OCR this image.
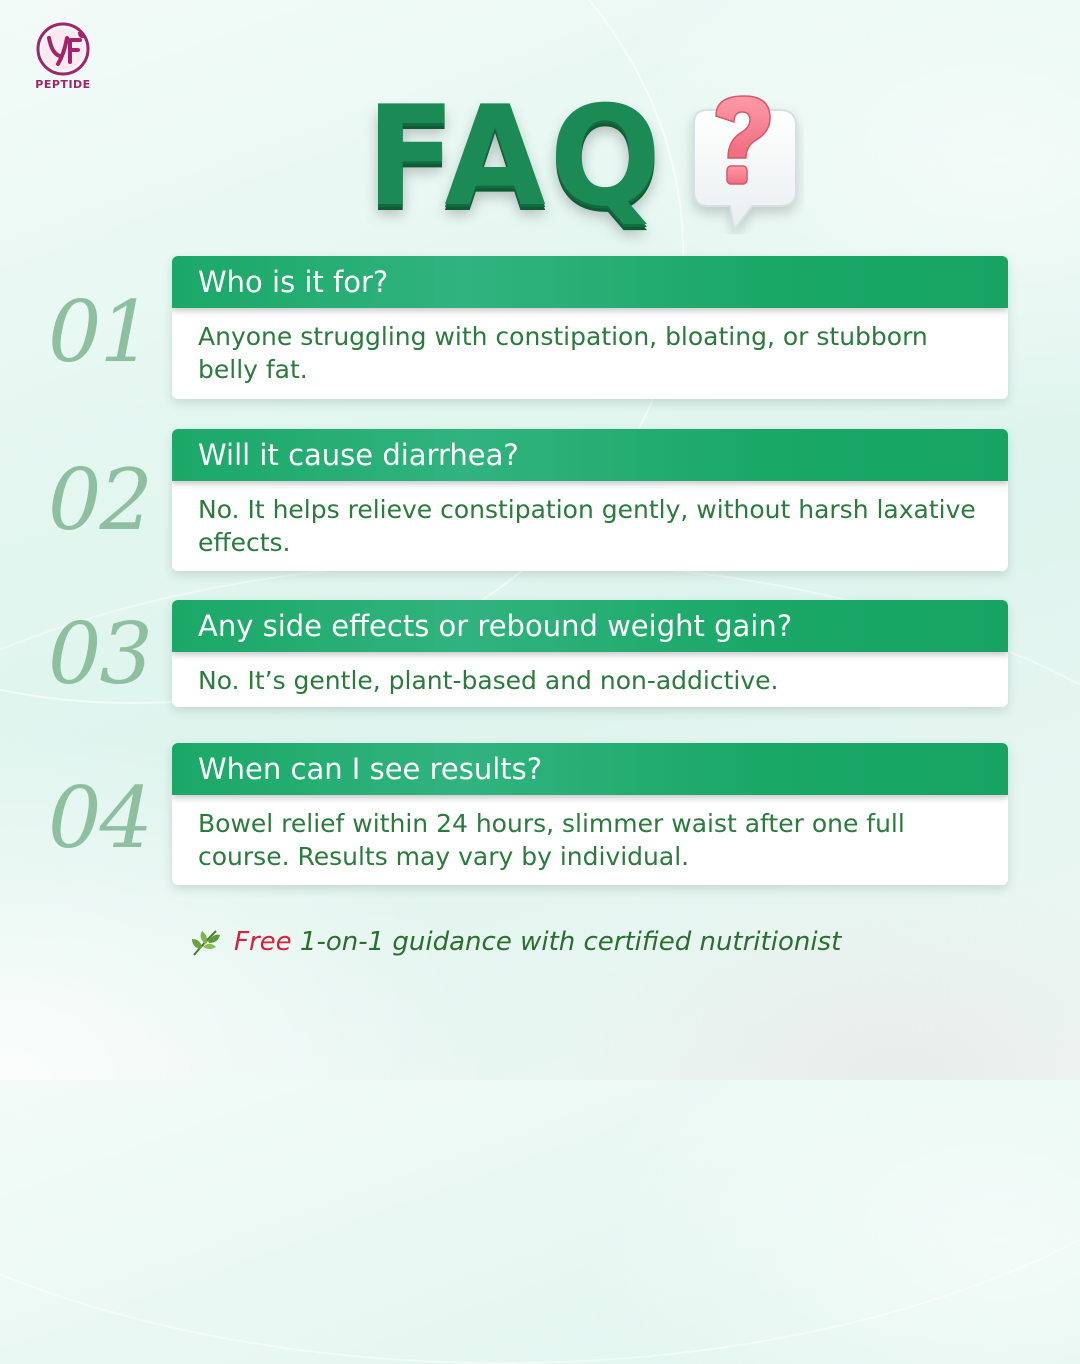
PEPTIDE FAQ
01
Who is it for?
Anyone struggling with constipation, bloating, or stubborn belly fat.
02	Will it cause diarrhea?
No. It helps relieve constipation gently, without harsh laxative effects.
03	Any side effects or rebound weight gain?
No. It’s gentle, plant-based and non-addictive.
04	When can I see results?
Bowel relief within 24 hours, slimmer waist after one full course. Results may vary by individual.
Free 1-on-1 guidance with certified nutritionist
